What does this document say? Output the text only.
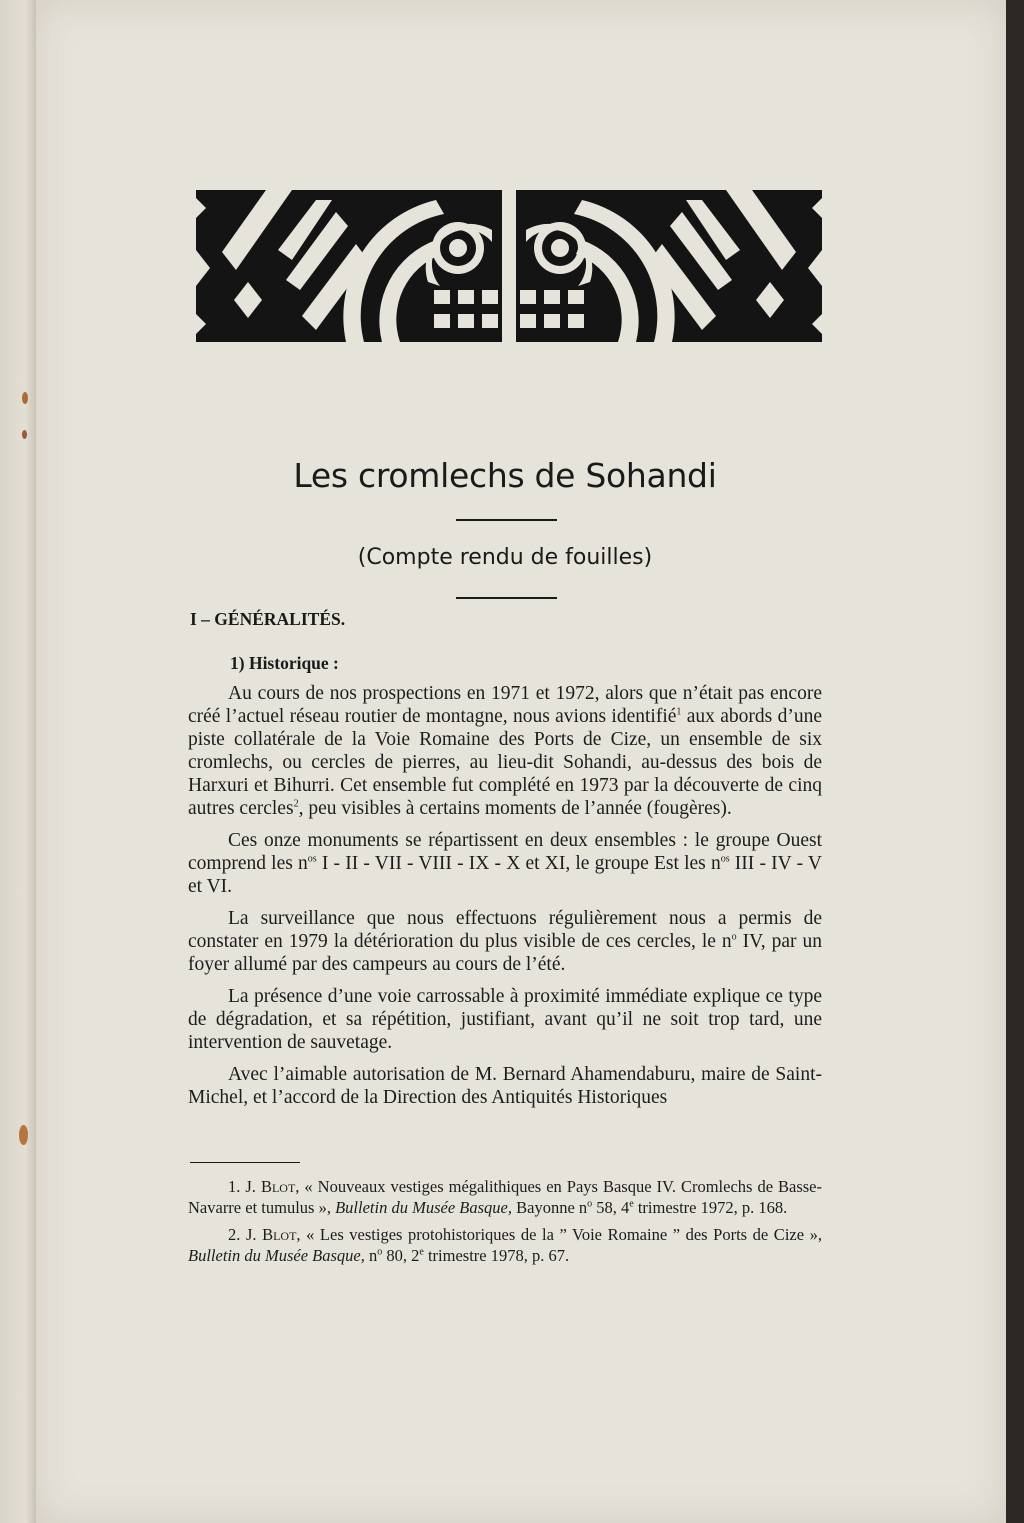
Les cromlechs de Sohandi
(Compte rendu de fouilles)
I – GÉNÉRALITÉS.
1) Historique :

Au cours de nos prospections en 1971 et 1972, alors que n’était pas encore créé l’actuel réseau routier de montagne, nous avions identifié$^1$ aux abords d’une piste collatérale de la Voie Romaine des Ports de Cize, un ensemble de six cromlechs, ou cercles de pierres, au lieu-dit Sohandi, au-dessus des bois de Harxuri et Bihurri. Cet ensemble fut complété en 1973 par la découverte de cinq autres cercles$^2$, peu visibles à certains moments de l’année (fougères).

Ces onze monuments se répartissent en deux ensembles : le groupe Ouest comprend les $n^{os}$ I - II - VII - VIII - IX - X et XI, le groupe Est les $n^{os}$ III - IV - V et VI.

La surveillance que nous effectuons régulièrement nous a permis de constater en 1979 la détérioration du plus visible de ces cercles, le $n^o$ IV, par un foyer allumé par des campeurs au cours de l’été.

La présence d’une voie carrossable à proximité immédiate explique ce type de dégradation, et sa répétition, justifiant, avant qu’il ne soit trop tard, une intervention de sauvetage.

Avec l’aimable autorisation de M. Bernard Ahamendaburu, maire de Saint-Michel, et l’accord de la Direction des Antiquités Historiques

1. J. Blot, « Nouveaux vestiges mégalithiques en Pays Basque IV. Cromlechs de Basse-Navarre et tumulus », Bulletin du Musée Basque, Bayonne $n^o$ 58, 4e trimestre 1972, p. 168.

2. J. Blot, « Les vestiges protohistoriques de la ” Voie Romaine ” des Ports de Cize », Bulletin du Musée Basque, $n^o$ 80, 2e trimestre 1978, p. 67.
